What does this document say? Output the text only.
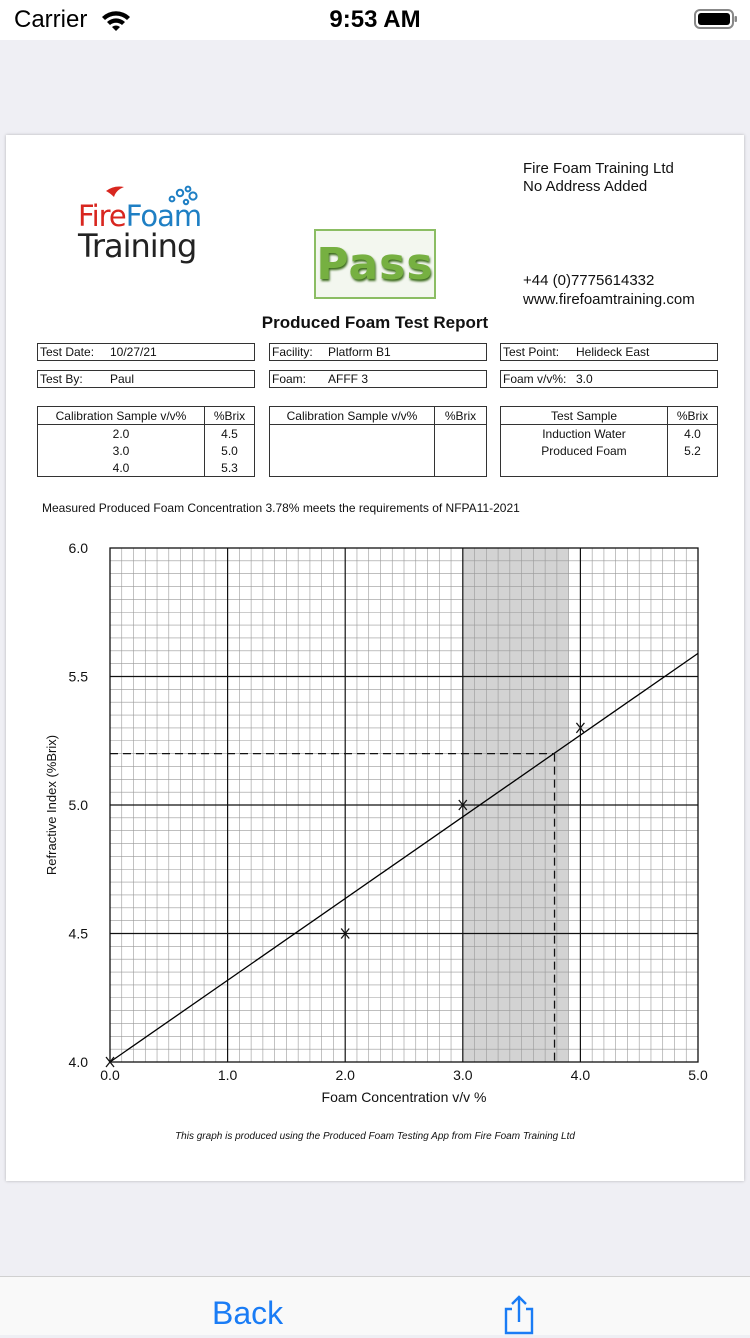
Carrier	9:53 AM
FireFoam
Training
Fire Foam Training Ltd
No Address Added
Pass	+44 (0)7775614332
www.firefoamtraining.com
Produced Foam Test Report
Test Date: 10/27/21	Facility: Platform B1	Test Point: Helideck East
Test By: Paul	Foam: AFFF 3	Foam v/v%: 3.0
Calibration Sample v/v%	%Brix
2.0	4.5
3.0	5.0
4.0	5.3
Calibration Sample v/v%	%Brix

		Test Sample	%Brix
Induction Water	4.0
Produced Foam	5.2

Measured Produced Foam Concentration 3.78% meets the requirements of NFPA11-2021
0.0	1.0	2.0	3.0	4.0	5.0
4.0
4.5
5.0
5.5
6.0
Foam Concentration v/v %
Refractive Index (%Brix)
This graph is produced using the Produced Foam Testing App from Fire Foam Training Ltd
Back
